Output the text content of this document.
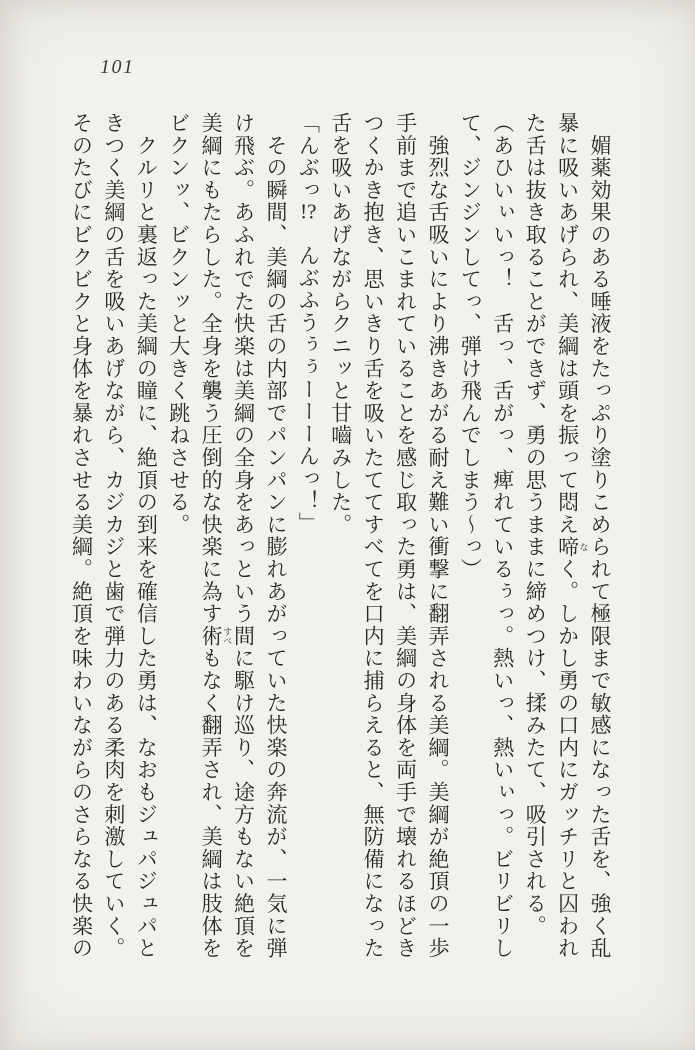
101

　媚薬効果のある唾液をたっぷり塗りこめられて極限まで敏感になった舌を、強く乱暴に吸いあげられ、美綱は頭を振って悶え啼 なく。しかし勇の口内にガッチリと囚われた舌は抜き取ることができず、勇の思うままに締めつけ、揉みたて、吸引される。

（あひいぃいっ！　舌っ、舌がっ、痺れているぅっ。熱いっ、熱いぃっ。ビリビリして、ジンジンしてっ、弾け飛んでしまう〜っ）

　強烈な舌吸いにより沸きあがる耐え難い衝撃に翻弄される美綱。美綱が絶頂の一歩手前まで追いこまれていることを感じ取った勇は、美綱の身体を両手で壊れるほどきつくかき抱き、思いきり舌を吸いたててすべてを口内に捕らえると、無防備になった舌を吸いあげながらクニッと甘嚙みした。

「んぶっ!?　んぶふうぅぅーーーんっ！」

　その瞬間、美綱の舌の内部でパンパンに膨れあがっていた快楽の奔流が、一気に弾け飛ぶ。あふれでた快楽は美綱の全身をあっという間に駆け巡り、途方もない絶頂を美綱にもたらした。全身を襲う圧倒的な快楽に為す術 すべもなく翻弄され、美綱は肢体をビクンッ、ビクンッと大きく跳ねさせる。

　クルリと裏返った美綱の瞳に、絶頂の到来を確信した勇は、なおもジュパジュパときつく美綱の舌を吸いあげながら、カジカジと歯で弾力のある柔肉を刺激していく。そのたびにビクビクと身体を暴れさせる美綱。絶頂を味わいながらのさらなる快楽の
